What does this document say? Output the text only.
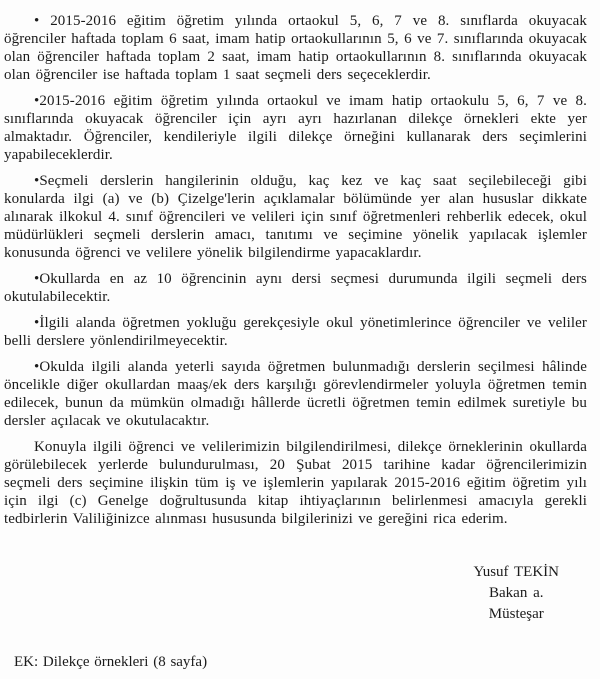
• 2015-2016 eğitim öğretim yılında ortaokul 5, 6, 7 ve 8. sınıflarda okuyacak öğrenciler haftada toplam 6 saat, imam hatip ortaokullarının 5, 6 ve 7. sınıflarında okuyacak olan öğrenciler haftada toplam 2 saat, imam hatip ortaokullarının 8. sınıflarında okuyacak olan öğrenciler ise haftada toplam 1 saat seçmeli ders seçeceklerdir.

•2015-2016 eğitim öğretim yılında ortaokul ve imam hatip ortaokulu 5, 6, 7 ve 8. sınıflarında okuyacak öğrenciler için ayrı ayrı hazırlanan dilekçe örnekleri ekte yer almaktadır. Öğrenciler, kendileriyle ilgili dilekçe örneğini kullanarak ders seçimlerini yapabileceklerdir.

•Seçmeli derslerin hangilerinin olduğu, kaç kez ve kaç saat seçilebileceği gibi konularda ilgi (a) ve (b) Çizelge'lerin açıklamalar bölümünde yer alan hususlar dikkate alınarak ilkokul 4. sınıf öğrencileri ve velileri için sınıf öğretmenleri rehberlik edecek, okul müdürlükleri seçmeli derslerin amacı, tanıtımı ve seçimine yönelik yapılacak işlemler konusunda öğrenci ve velilere yönelik bilgilendirme yapacaklardır.

•Okullarda en az 10 öğrencinin aynı dersi seçmesi durumunda ilgili seçmeli ders okutulabilecektir.

•İlgili alanda öğretmen yokluğu gerekçesiyle okul yönetimlerince öğrenciler ve veliler belli derslere yönlendirilmeyecektir.

•Okulda ilgili alanda yeterli sayıda öğretmen bulunmadığı derslerin seçilmesi hâlinde öncelikle diğer okullardan maaş/ek ders karşılığı görevlendirmeler yoluyla öğretmen temin edilecek, bunun da mümkün olmadığı hâllerde ücretli öğretmen temin edilmek suretiyle bu dersler açılacak ve okutulacaktır.

Konuyla ilgili öğrenci ve velilerimizin bilgilendirilmesi, dilekçe örneklerinin okullarda görülebilecek yerlerde bulundurulması, 20 Şubat 2015 tarihine kadar öğrencilerimizin seçmeli ders seçimine ilişkin tüm iş ve işlemlerin yapılarak 2015-2016 eğitim öğretim yılı için ilgi (c) Genelge doğrultusunda kitap ihtiyaçlarının belirlenmesi amacıyla gerekli tedbirlerin Valiliğinizce alınması hususunda bilgilerinizi ve gereğini rica ederim.

Yusuf TEKİN
Bakan a.
Müsteşar

EK: Dilekçe örnekleri (8 sayfa)
